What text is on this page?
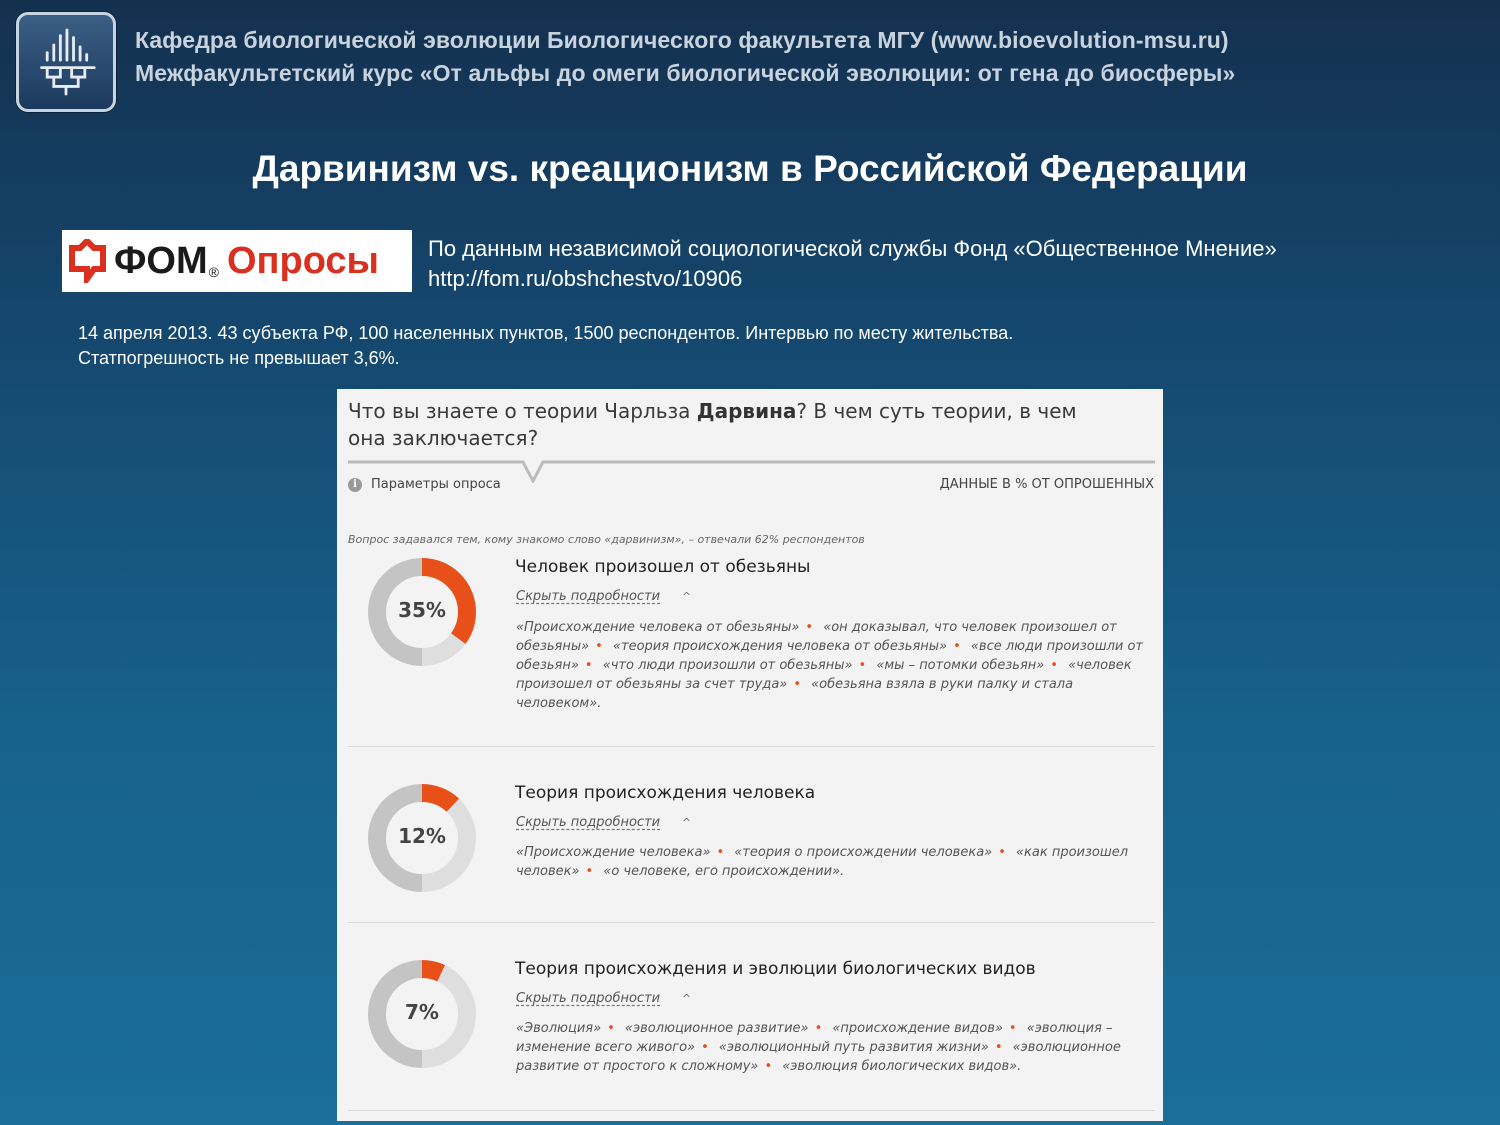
Кафедра биологической эволюции Биологического факультета МГУ (www.bioevolution-msu.ru)
Межфакультетский курс «От альфы до омеги биологической эволюции: от гена до биосферы»
Дарвинизм vs. креационизм в Российской Федерации
ФОМ ® Опросы По данным независимой социологической службы Фонд «Общественное Мнение»
http://fom.ru/obshchestvo/10906
14 апреля 2013. 43 субъекта РФ, 100 населенных пунктов, 1500 респондентов. Интервью по месту жительства.
Статпогрешность не превышает 3,6%.
Что вы знаете о теории Чарльза Дарвина? В чем суть теории, в чем она заключается?
i	Параметры опроса	ДАННЫЕ В % ОТ ОПРОШЕННЫХ
Вопрос задавался тем, кому знакомо слово «дарвинизм», – отвечали 62% респондентов
35%
Человек произошел от обезьяны
Скрыть подробности ^
«Происхождение человека от обезьяны» • «он доказывал, что человек произошел от обезьяны» • «теория происхождения человека от обезьяны» • «все люди произошли от обезьян» • «что люди произошли от обезьяны» • «мы – потомки обезьян» • «человек произошел от обезьяны за счет труда» • «обезьяна взяла в руки палку и стала человеком».
12%
Теория происхождения человека
Скрыть подробности ^
«Происхождение человека» • «теория о происхождении человека» • «как произошел человек» • «о человеке, его происхождении».
7%
Теория происхождения и эволюции биологических видов
Скрыть подробности ^
«Эволюция» • «эволюционное развитие» • «происхождение видов» • «эволюция – изменение всего живого» • «эволюционный путь развития жизни» • «эволюционное развитие от простого к сложному» • «эволюция биологических видов».
